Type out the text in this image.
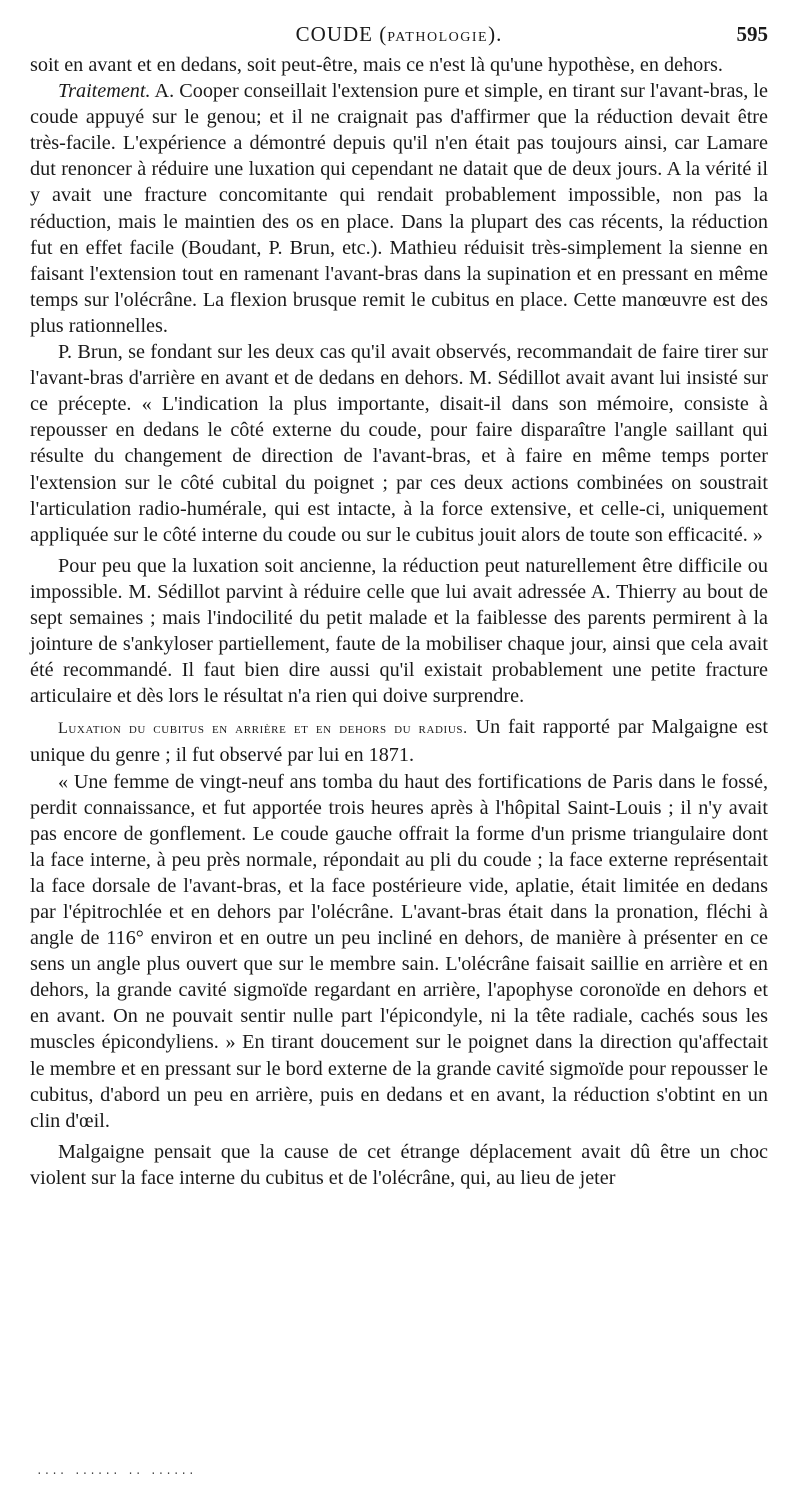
COUDE (PATHOLOGIE).	595

soit en avant et en dedans, soit peut-être, mais ce n'est là qu'une hypothèse, en dehors.

Traitement. A. Cooper conseillait l'extension pure et simple, en tirant sur l'avant-bras, le coude appuyé sur le genou; et il ne craignait pas d'affirmer que la réduction devait être très-facile. L'expérience a démontré depuis qu'il n'en était pas toujours ainsi, car Lamare dut renoncer à réduire une luxation qui cependant ne datait que de deux jours. A la vérité il y avait une fracture concomitante qui rendait probablement impossible, non pas la réduction, mais le maintien des os en place. Dans la plupart des cas récents, la réduction fut en effet facile (Boudant, P. Brun, etc.). Mathieu réduisit très-simplement la sienne en faisant l'extension tout en ramenant l'avant-bras dans la supination et en pressant en même temps sur l'olécrâne. La flexion brusque remit le cubitus en place. Cette manœuvre est des plus rationnelles.

P. Brun, se fondant sur les deux cas qu'il avait observés, recommandait de faire tirer sur l'avant-bras d'arrière en avant et de dedans en dehors. M. Sédillot avait avant lui insisté sur ce précepte. « L'indication la plus importante, disait-il dans son mémoire, consiste à repousser en dedans le côté externe du coude, pour faire disparaître l'angle saillant qui résulte du changement de direction de l'avant-bras, et à faire en même temps porter l'extension sur le côté cubital du poignet ; par ces deux actions combinées on soustrait l'articulation radio-humérale, qui est intacte, à la force extensive, et celle-ci, uniquement appliquée sur le côté interne du coude ou sur le cubitus jouit alors de toute son efficacité. »

Pour peu que la luxation soit ancienne, la réduction peut naturellement être difficile ou impossible. M. Sédillot parvint à réduire celle que lui avait adressée A. Thierry au bout de sept semaines ; mais l'indocilité du petit malade et la faiblesse des parents permirent à la jointure de s'ankyloser partiellement, faute de la mobiliser chaque jour, ainsi que cela avait été recommandé. Il faut bien dire aussi qu'il existait probablement une petite fracture articulaire et dès lors le résultat n'a rien qui doive surprendre.

Luxation du cubitus en arrière et en dehors du radius. Un fait rapporté par Malgaigne est unique du genre ; il fut observé par lui en 1871.

« Une femme de vingt-neuf ans tomba du haut des fortifications de Paris dans le fossé, perdit connaissance, et fut apportée trois heures après à l'hôpital Saint-Louis ; il n'y avait pas encore de gonflement. Le coude gauche offrait la forme d'un prisme triangulaire dont la face interne, à peu près normale, répondait au pli du coude ; la face externe représentait la face dorsale de l'avant-bras, et la face postérieure vide, aplatie, était limitée en dedans par l'épitrochlée et en dehors par l'olécrâne. L'avant-bras était dans la pronation, fléchi à angle de 116° environ et en outre un peu incliné en dehors, de manière à présenter en ce sens un angle plus ouvert que sur le membre sain. L'olécrâne faisait saillie en arrière et en dehors, la grande cavité sigmoïde regardant en arrière, l'apophyse coronoïde en dehors et en avant. On ne pouvait sentir nulle part l'épicondyle, ni la tête radiale, cachés sous les muscles épicondyliens. » En tirant doucement sur le poignet dans la direction qu'affectait le membre et en pressant sur le bord externe de la grande cavité sigmoïde pour repousser le cubitus, d'abord un peu en arrière, puis en dedans et en avant, la réduction s'obtint en un clin d'œil.

Malgaigne pensait que la cause de cet étrange déplacement avait dû être un choc violent sur la face interne du cubitus et de l'olécrâne, qui, au lieu de jeter

.... ...... .. ......
